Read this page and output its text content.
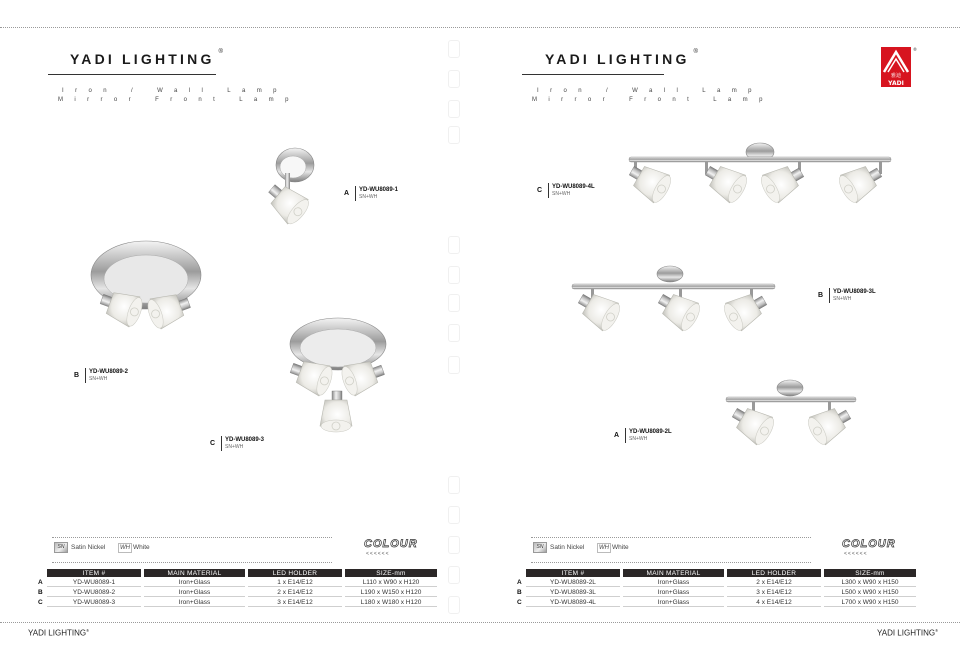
YADI LIGHTING ®
Iron / Wall Lamp
Mirror Front Lamp
YADI LIGHTING ®
Iron / Wall Lamp
Mirror Front Lamp
雅迪
YADI
®
A YD-WU8089-1
SN+WH
B YD-WU8089-2
SN+WH
C YD-WU8089-3
SN+WH
C YD-WU8089-4L
SN+WH
B YD-WU8089-3L
SN+WH
A YD-WU8089-2L
SN+WH
SN	Satin Nickel	WH White	COLOUR
<<<<<<
SN	Satin Nickel	WH White	COLOUR
<<<<<<
	ITEM #	MAIN MATERIAL	LED HOLDER	SIZE-mm
A	YD-WU8089-1	Iron+Glass	1 x E14/E12	L110 x W90 x H120
B	YD-WU8089-2	Iron+Glass	2 x E14/E12	L190 x W150 x H120
C	YD-WU8089-3	Iron+Glass	3 x E14/E12	L180 x W180 x H120
	ITEM #	MAIN MATERIAL	LED HOLDER	SIZE-mm
A	YD-WU8089-2L	Iron+Glass	2 x E14/E12	L300 x W90 x H150
B	YD-WU8089-3L	Iron+Glass	3 x E14/E12	L500 x W90 x H150
C	YD-WU8089-4L	Iron+Glass	4 x E14/E12	L700 x W90 x H150
YADI LIGHTING®	YADI LIGHTING®
